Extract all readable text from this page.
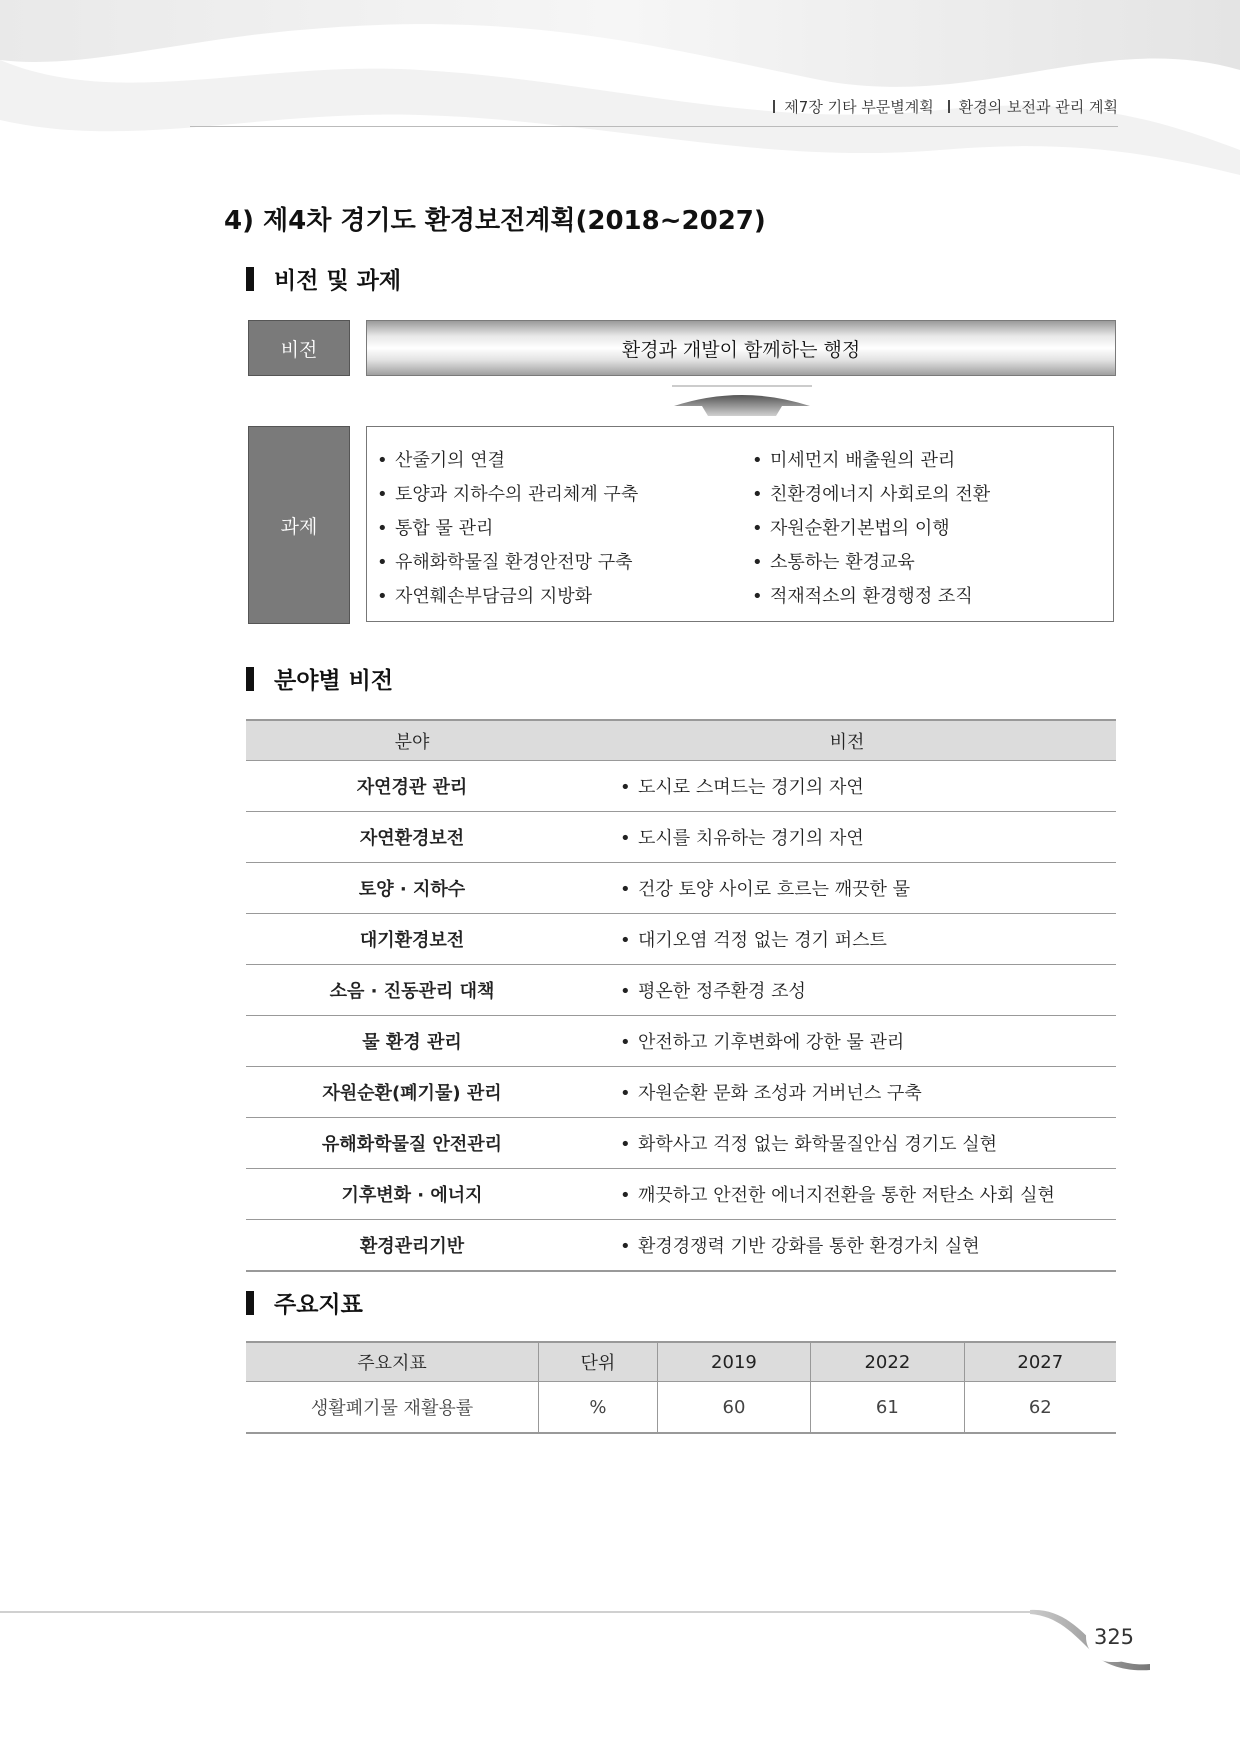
제7장 기타 부문별계획 환경의 보전과 관리 계획
4) 제4차 경기도 환경보전계획(2018~2027)
비전 및 과제
비전	환경과 개발이 함께하는 행정
과제
• 산줄기의 연결
• 토양과 지하수의 관리체계 구축
• 통합 물 관리
• 유해화학물질 환경안전망 구축
• 자연훼손부담금의 지방화
• 미세먼지 배출원의 관리
• 친환경에너지 사회로의 전환
• 자원순환기본법의 이행
• 소통하는 환경교육
• 적재적소의 환경행정 조직
분야별 비전
분야	비전
자연경관 관리	• 도시로 스며드는 경기의 자연
자연환경보전	• 도시를 치유하는 경기의 자연
토양 · 지하수	• 건강 토양 사이로 흐르는 깨끗한 물
대기환경보전	• 대기오염 걱정 없는 경기 퍼스트
소음 · 진동관리 대책	• 평온한 정주환경 조성
물 환경 관리	• 안전하고 기후변화에 강한 물 관리
자원순환(폐기물) 관리	• 자원순환 문화 조성과 거버넌스 구축
유해화학물질 안전관리	• 화학사고 걱정 없는 화학물질안심 경기도 실현
기후변화 · 에너지	• 깨끗하고 안전한 에너지전환을 통한 저탄소 사회 실현
환경관리기반	• 환경경쟁력 기반 강화를 통한 환경가치 실현
주요지표
주요지표	단위	2019	2022	2027
생활폐기물 재활용률	%	60	61	62
325
